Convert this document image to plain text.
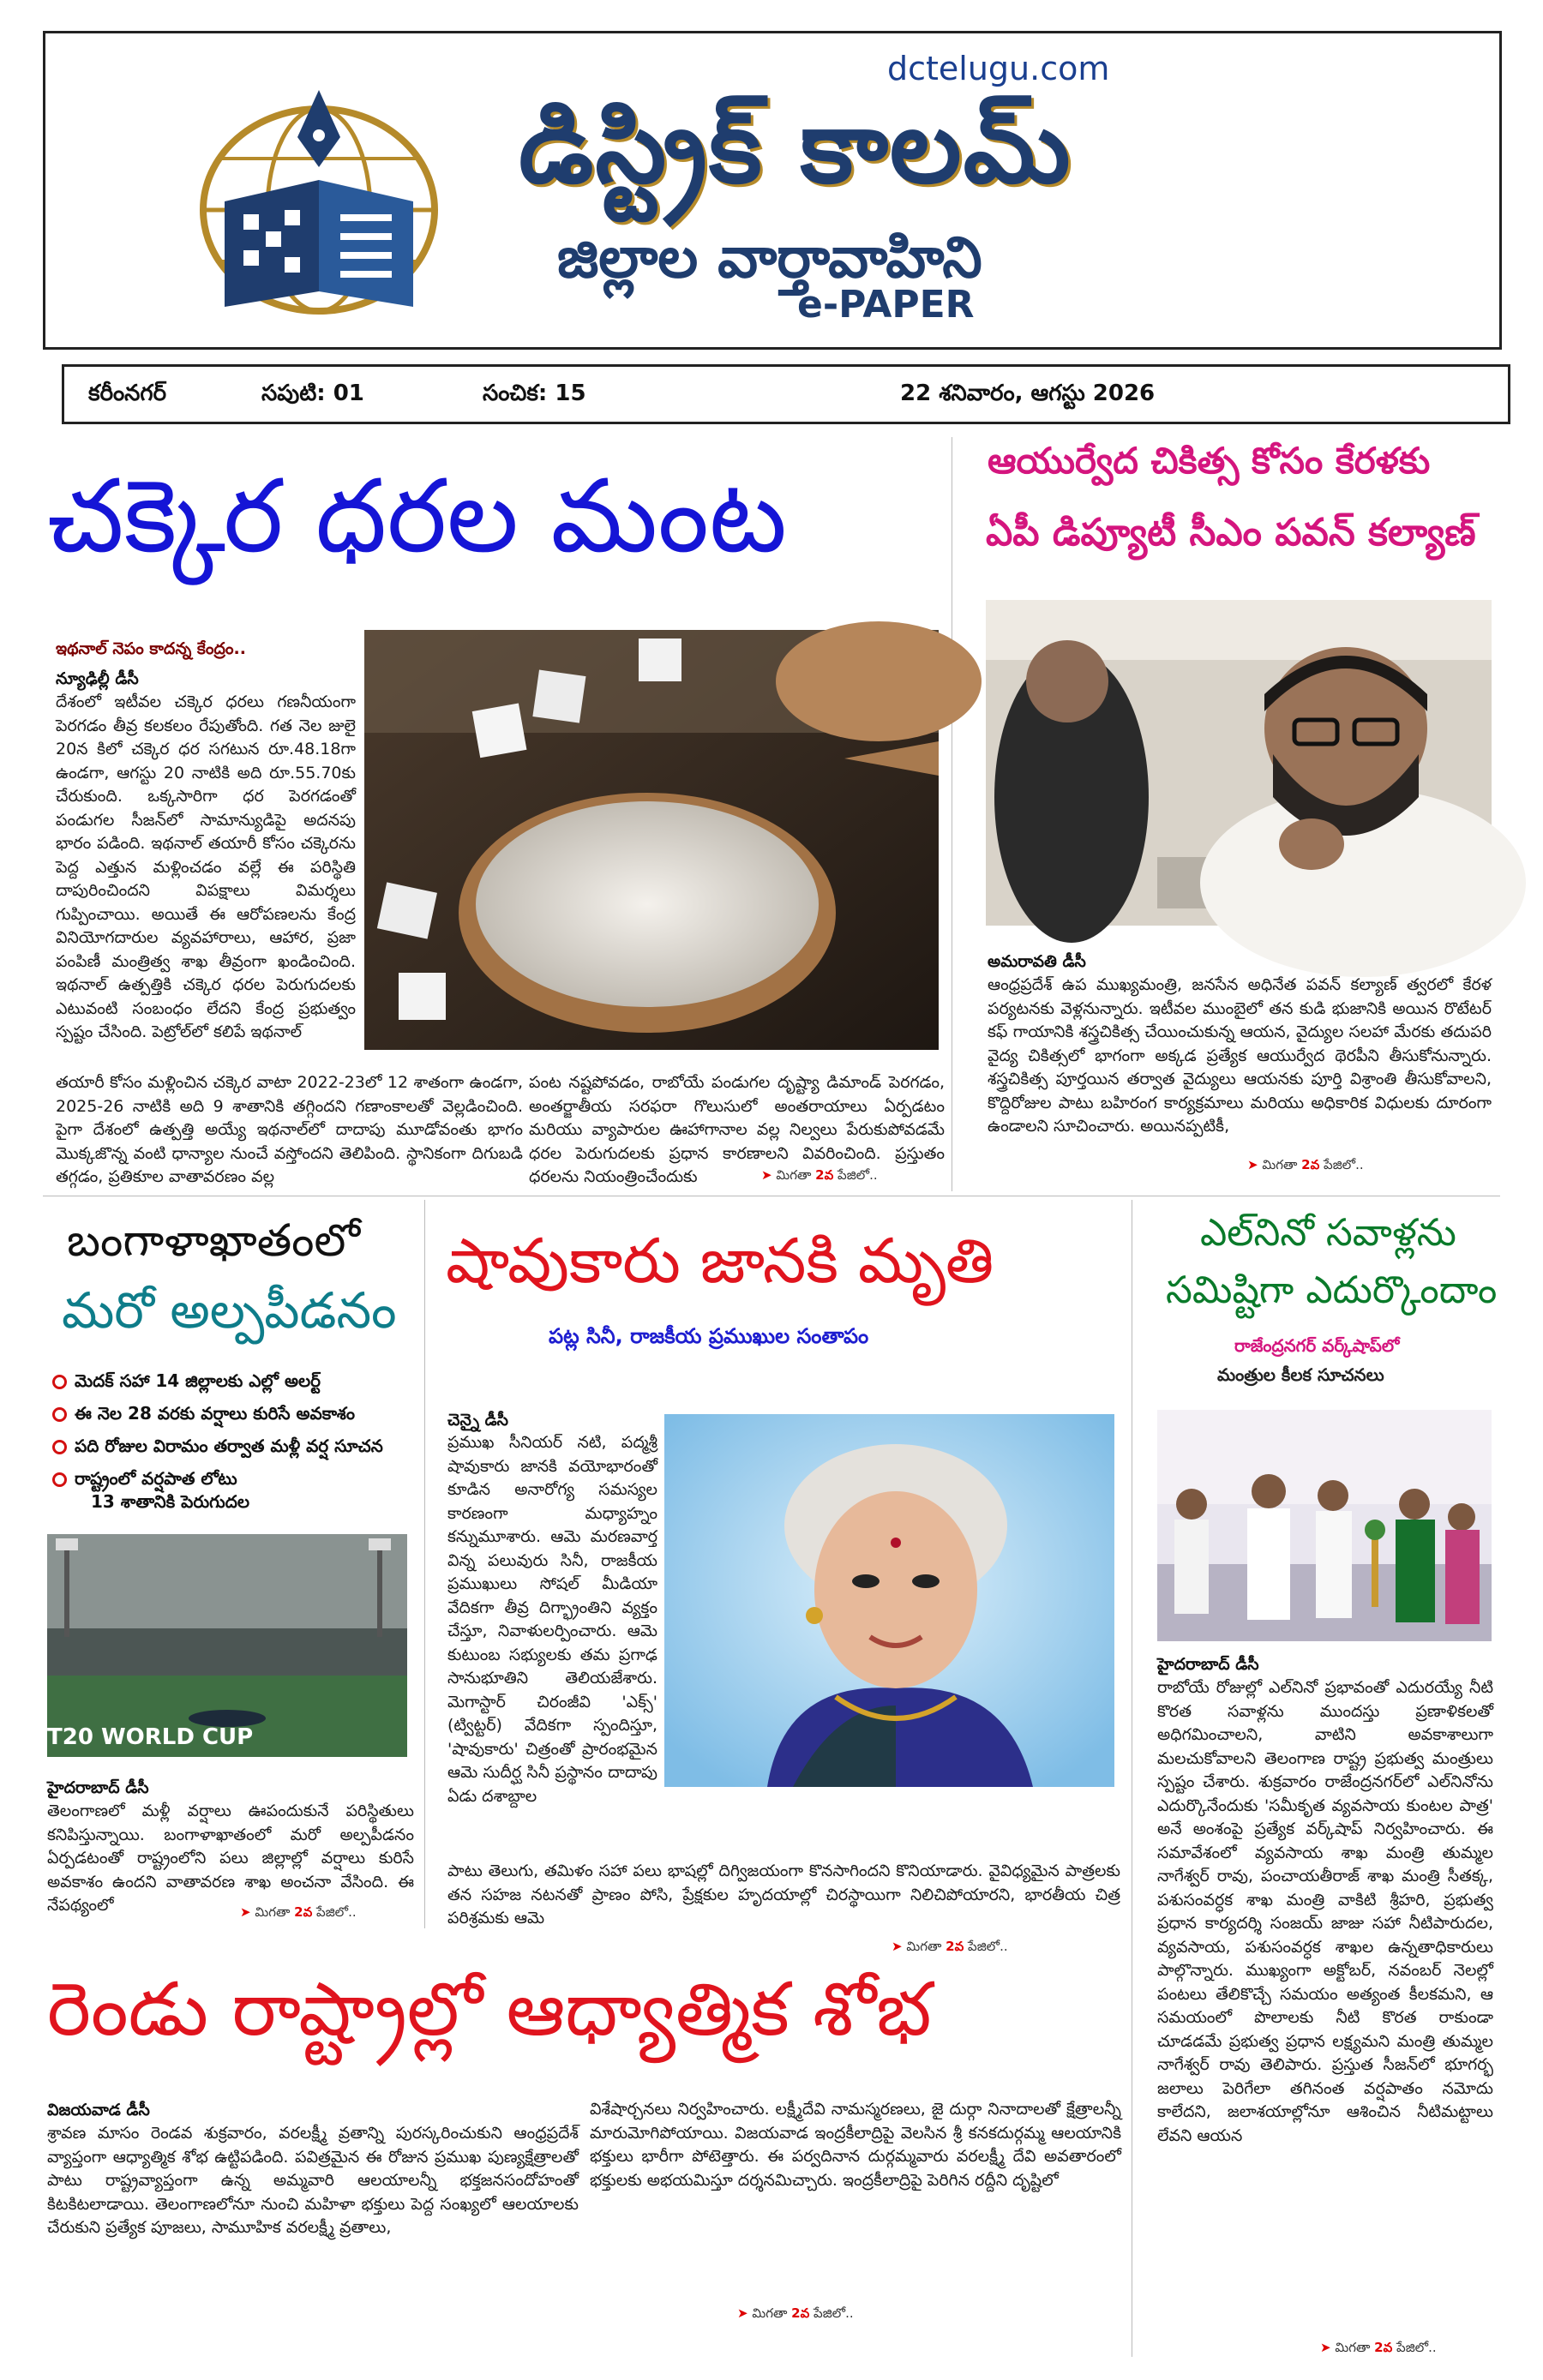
dctelugu.com
డిస్ట్రిక్ కాలమ్
జిల్లాల వార్తావాహిని
e-PAPER
కరీంనగర్	సపుటి: 01	సంచిక: 15	22 శనివారం, ఆగస్టు 2026
చక్కెర ధరల మంట
ఇథనాల్ నెపం కాదన్న కేంద్రం..
న్యూఢిల్లీ డీసీ
దేశంలో ఇటీవల చక్కెర ధరలు గణనీయంగా పెరగడం తీవ్ర కలకలం రేపుతోంది. గత నెల జులై 20న కిలో చక్కెర ధర సగటున రూ.48.18గా ఉండగా, ఆగస్టు 20 నాటికి అది రూ.55.70కు చేరుకుంది. ఒక్కసారిగా ధర పెరగడంతో పండుగల సీజన్‌లో సామాన్యుడిపై అదనపు భారం పడింది. ఇథనాల్ తయారీ కోసం చక్కెరను పెద్ద ఎత్తున మళ్లించడం వల్లే ఈ పరిస్థితి దాపురించిందని విపక్షాలు విమర్శలు గుప్పించాయి. అయితే ఈ ఆరోపణలను కేంద్ర వినియోగదారుల వ్యవహారాలు, ఆహార, ప్రజా పంపిణీ మంత్రిత్వ శాఖ తీవ్రంగా ఖండించింది. ఇథనాల్ ఉత్పత్తికి చక్కెర ధరల పెరుగుదలకు ఎటువంటి సంబంధం లేదని కేంద్ర ప్రభుత్వం స్పష్టం చేసింది. పెట్రోల్‌లో కలిపే ఇథనాల్
తయారీ కోసం మళ్లించిన చక్కెర వాటా 2022-23లో 12 శాతంగా ఉండగా, 2025-26 నాటికి అది 9 శాతానికి తగ్గిందని గణాంకాలతో వెల్లడించింది. పైగా దేశంలో ఉత్పత్తి అయ్యే ఇథనాల్‌లో దాదాపు మూడోవంతు భాగం మొక్కజొన్న వంటి ధాన్యాల నుంచే వస్తోందని తెలిపింది. స్థానికంగా దిగుబడి తగ్గడం, ప్రతికూల వాతావరణం వల్ల
పంట నష్టపోవడం, రాబోయే పండుగల దృష్ట్యా డిమాండ్ పెరగడం, అంతర్జాతీయ సరఫరా గొలుసులో అంతరాయాలు ఏర్పడటం మరియు వ్యాపారుల ఊహాగానాల వల్ల నిల్వలు పేరుకుపోవడమే ధరల పెరుగుదలకు ప్రధాన కారణాలని వివరించింది. ప్రస్తుతం ధరలను నియంత్రించేందుకు	➤ మిగతా 2వ పేజిలో..
ఆయుర్వేద చికిత్స కోసం కేరళకు
ఏపీ డిప్యూటీ సీఎం పవన్ కల్యాణ్
అమరావతి డీసీ
ఆంధ్రప్రదేశ్ ఉప ముఖ్యమంత్రి, జనసేన అధినేత పవన్ కల్యాణ్ త్వరలో కేరళ పర్యటనకు వెళ్లనున్నారు. ఇటీవల ముంబైలో తన కుడి భుజానికి అయిన రొటేటర్ కఫ్ గాయానికి శస్త్రచికిత్స చేయించుకున్న ఆయన, వైద్యుల సలహా మేరకు తదుపరి వైద్య చికిత్సలో భాగంగా అక్కడ ప్రత్యేక ఆయుర్వేద థెరపీని తీసుకోనున్నారు. శస్త్రచికిత్స పూర్తయిన తర్వాత వైద్యులు ఆయనకు పూర్తి విశ్రాంతి తీసుకోవాలని, కొద్దిరోజుల పాటు బహిరంగ కార్యక్రమాలు మరియు అధికారిక విధులకు దూరంగా ఉండాలని సూచించారు. అయినప్పటికీ,
➤ మిగతా 2వ పేజిలో..
బంగాళాఖాతంలో
మరో అల్పపీడనం
మెదక్ సహా 14 జిల్లాలకు ఎల్లో అలర్ట్
ఈ నెల 28 వరకు వర్షాలు కురిసే అవకాశం
పది రోజుల విరామం తర్వాత మళ్లీ వర్ష సూచన
రాష్ట్రంలో వర్షపాత లోటు
13 శాతానికి పెరుగుదల
T20 WORLD CUP
హైదరాబాద్ డీసీ
తెలంగాణలో మళ్లీ వర్షాలు ఊపందుకునే పరిస్థితులు కనిపిస్తున్నాయి. బంగాళాఖాతంలో మరో అల్పపీడనం ఏర్పడటంతో రాష్ట్రంలోని పలు జిల్లాల్లో వర్షాలు కురిసే అవకాశం ఉందని వాతావరణ శాఖ అంచనా వేసింది. ఈ నేపథ్యంలో	➤ మిగతా 2వ పేజిలో..
షావుకారు జానకి మృతి
పట్ల సినీ, రాజకీయ ప్రముఖుల సంతాపం
చెన్నై డీసీ
ప్రముఖ సీనియర్ నటి, పద్మశ్రీ షావుకారు జానకి వయోభారంతో కూడిన అనారోగ్య సమస్యల కారణంగా మధ్యాహ్నం కన్నుమూశారు. ఆమె మరణవార్త విన్న పలువురు సినీ, రాజకీయ ప్రముఖులు సోషల్ మీడియా వేదికగా తీవ్ర దిగ్భ్రాంతిని వ్యక్తం చేస్తూ, నివాళులర్పించారు. ఆమె కుటుంబ సభ్యులకు తమ ప్రగాఢ సానుభూతిని తెలియజేశారు. మెగాస్టార్ చిరంజీవి 'ఎక్స్' (ట్విట్టర్) వేదికగా స్పందిస్తూ, 'షావుకారు' చిత్రంతో ప్రారంభమైన ఆమె సుదీర్ఘ సినీ ప్రస్థానం దాదాపు ఏడు దశాబ్దాల
పాటు తెలుగు, తమిళం సహా పలు భాషల్లో దిగ్విజయంగా కొనసాగిందని కొనియాడారు. వైవిధ్యమైన పాత్రలకు తన సహజ నటనతో ప్రాణం పోసి, ప్రేక్షకుల హృదయాల్లో చిరస్థాయిగా నిలిచిపోయారని, భారతీయ చిత్ర పరిశ్రమకు ఆమె
➤ మిగతా 2వ పేజిలో..
ఎల్‌నినో సవాళ్లను
సమిష్టిగా ఎదుర్కొందాం
రాజేంద్రనగర్ వర్క్‌షాప్‌లో
మంత్రుల కీలక సూచనలు
హైదరాబాద్ డీసీ
రాబోయే రోజుల్లో ఎల్‌నినో ప్రభావంతో ఎదురయ్యే నీటి కొరత సవాళ్లను ముందస్తు ప్రణాళికలతో అధిగమించాలని, వాటిని అవకాశాలుగా మలచుకోవాలని తెలంగాణ రాష్ట్ర ప్రభుత్వ మంత్రులు స్పష్టం చేశారు. శుక్రవారం రాజేంద్రనగర్‌లో ఎల్‌నినోను ఎదుర్కొనేందుకు 'సమీకృత వ్యవసాయ కుంటల పాత్ర' అనే అంశంపై ప్రత్యేక వర్క్‌షాప్ నిర్వహించారు. ఈ సమావేశంలో వ్యవసాయ శాఖ మంత్రి తుమ్మల నాగేశ్వర్ రావు, పంచాయతీరాజ్ శాఖ మంత్రి సీతక్క, పశుసంవర్ధక శాఖ మంత్రి వాకిటి శ్రీహరి, ప్రభుత్వ ప్రధాన కార్యదర్శి సంజయ్ జాజు సహా నీటిపారుదల, వ్యవసాయ, పశుసంవర్ధక శాఖల ఉన్నతాధికారులు పాల్గొన్నారు. ముఖ్యంగా అక్టోబర్, నవంబర్ నెలల్లో పంటలు తేలికొచ్చే సమయం అత్యంత కీలకమని, ఆ సమయంలో పొలాలకు నీటి కొరత రాకుండా చూడడమే ప్రభుత్వ ప్రధాన లక్ష్యమని మంత్రి తుమ్మల నాగేశ్వర్ రావు తెలిపారు. ప్రస్తుత సీజన్‌లో భూగర్భ జలాలు పెరిగేలా తగినంత వర్షపాతం నమోదు కాలేదని, జలాశయాల్లోనూ ఆశించిన నీటిమట్టాలు లేవని ఆయన
➤ మిగతా 2వ పేజిలో..
రెండు రాష్ట్రాల్లో ఆధ్యాత్మిక శోభ
విజయవాడ డీసీ
శ్రావణ మాసం రెండవ శుక్రవారం, వరలక్ష్మీ వ్రతాన్ని పురస్కరించుకుని ఆంధ్రప్రదేశ్ వ్యాప్తంగా ఆధ్యాత్మిక శోభ ఉట్టిపడింది. పవిత్రమైన ఈ రోజున ప్రముఖ పుణ్యక్షేత్రాలతో పాటు రాష్ట్రవ్యాప్తంగా ఉన్న అమ్మవారి ఆలయాలన్నీ భక్తజనసందోహంతో కిటకిటలాడాయి. తెలంగాణలోనూ నుంచి మహిళా భక్తులు పెద్ద సంఖ్యలో ఆలయాలకు చేరుకుని ప్రత్యేక పూజలు, సామూహిక వరలక్ష్మీ వ్రతాలు,
విశేషార్చనలు నిర్వహించారు. లక్ష్మీదేవి నామస్మరణలు, జై దుర్గా నినాదాలతో క్షేత్రాలన్నీ మారుమోగిపోయాయి. విజయవాడ ఇంద్రకీలాద్రిపై వెలసిన శ్రీ కనకదుర్గమ్మ ఆలయానికి భక్తులు భారీగా పోటెత్తారు. ఈ పర్వదినాన దుర్గమ్మవారు వరలక్ష్మీ దేవి అవతారంలో భక్తులకు అభయమిస్తూ దర్శనమిచ్చారు. ఇంద్రకీలాద్రిపై పెరిగిన రద్దీని దృష్టిలో
➤ మిగతా 2వ పేజిలో..
